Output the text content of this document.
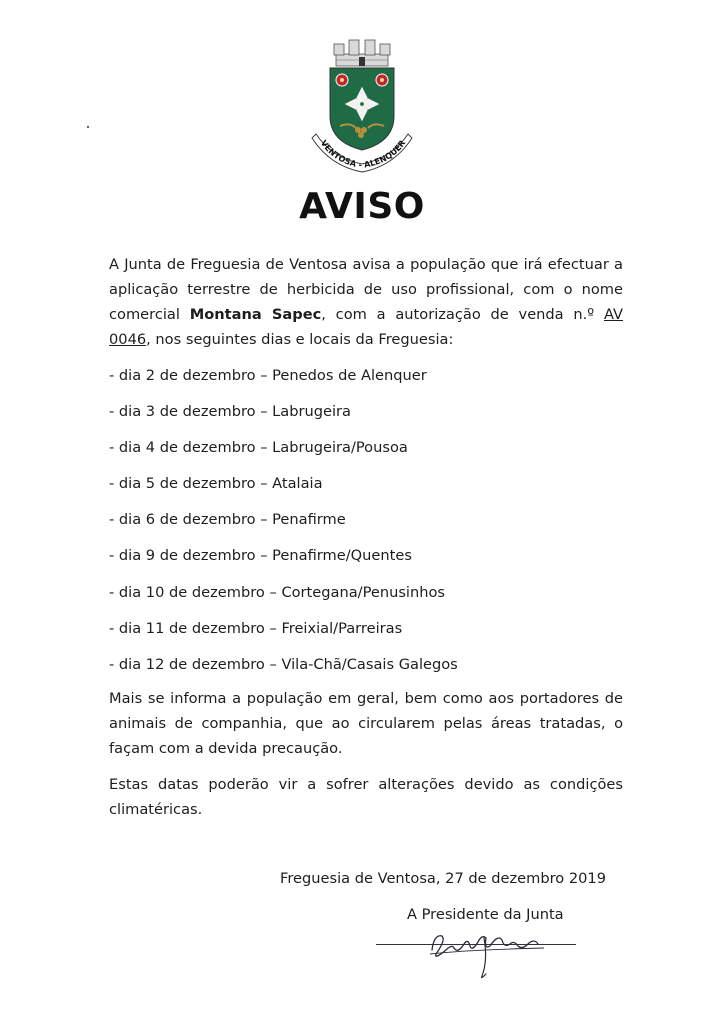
VENTOSA - ALENQUER
AVISO

A Junta de Freguesia de Ventosa avisa a população que irá efectuar a aplicação terrestre de herbicida de uso profissional, com o nome comercial Montana Sapec, com a autorização de venda n.º AV 0046, nos seguintes dias e locais da Freguesia:

- dia 2 de dezembro – Penedos de Alenquer
- dia 3 de dezembro – Labrugeira
- dia 4 de dezembro – Labrugeira/Pousoa
- dia 5 de dezembro – Atalaia
- dia 6 de dezembro – Penafirme
- dia 9 de dezembro – Penafirme/Quentes
- dia 10 de dezembro – Cortegana/Penusinhos
- dia 11 de dezembro – Freixial/Parreiras
- dia 12 de dezembro – Vila-Chã/Casais Galegos

Mais se informa a população em geral, bem como aos portadores de animais de companhia, que ao circularem pelas áreas tratadas, o façam com a devida precaução.

Estas datas poderão vir a sofrer alterações devido as condições climatéricas.

Freguesia de Ventosa, 27 de dezembro 2019
A Presidente da Junta
